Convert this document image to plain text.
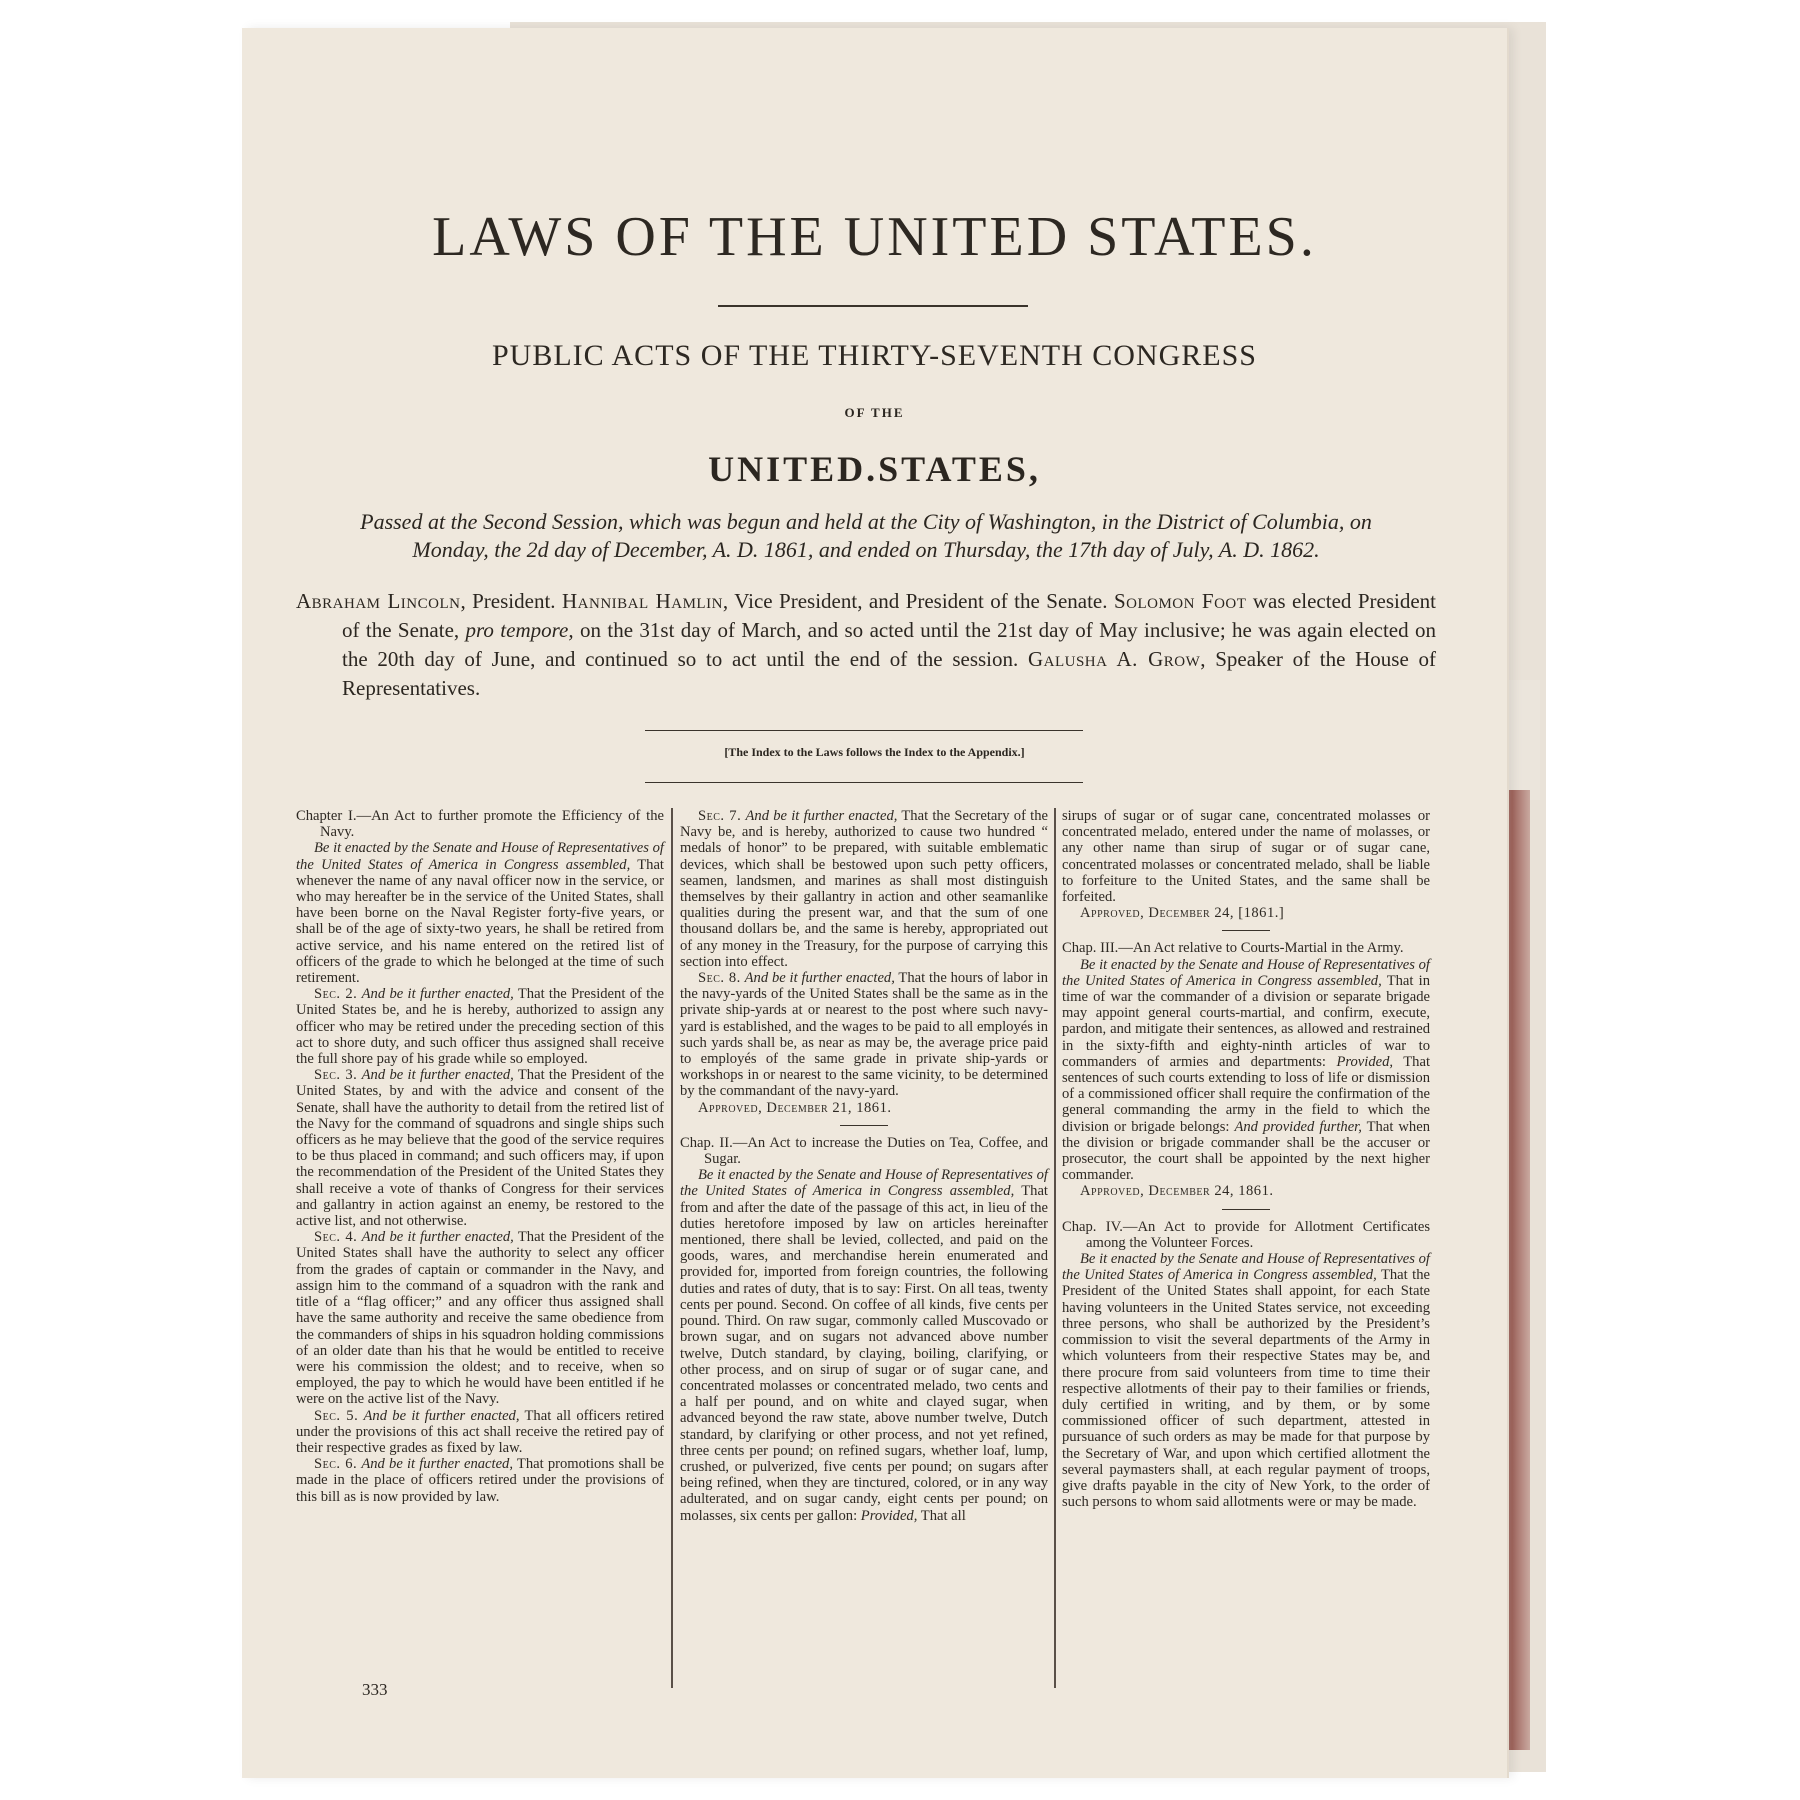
LAWS OF THE UNITED STATES.
PUBLIC ACTS OF THE THIRTY-SEVENTH CONGRESS
OF THE
UNITED.STATES,
Passed at the Second Session, which was begun and held at the City of Washington, in the District of Columbia, on
Monday, the 2d day of December, A. D. 1861, and ended on Thursday, the 17th day of July, A. D. 1862.
Abraham Lincoln, President. Hannibal Hamlin, Vice President, and President of the Senate. Solomon Foot was elected President of the Senate, pro tempore, on the 31st day of March, and so acted until the 21st day of May inclusive; he was again elected on the 20th day of June, and continued so to act until the end of the session. Galusha A. Grow, Speaker of the House of Representatives.
[The Index to the Laws follows the Index to the Appendix.]

Chapter I.—An Act to further promote the Efficiency of the Navy.

Be it enacted by the Senate and House of Representatives of the United States of America in Congress assembled, That whenever the name of any naval officer now in the service, or who may hereafter be in the service of the United States, shall have been borne on the Naval Register forty-five years, or shall be of the age of sixty-two years, he shall be retired from active service, and his name entered on the retired list of officers of the grade to which he belonged at the time of such retirement.

Sec. 2. And be it further enacted, That the President of the United States be, and he is hereby, authorized to assign any officer who may be retired under the preceding section of this act to shore duty, and such officer thus assigned shall receive the full shore pay of his grade while so employed.

Sec. 3. And be it further enacted, That the President of the United States, by and with the advice and consent of the Senate, shall have the authority to detail from the retired list of the Navy for the command of squadrons and single ships such officers as he may believe that the good of the service requires to be thus placed in command; and such officers may, if upon the recommendation of the President of the United States they shall receive a vote of thanks of Congress for their services and gallantry in action against an enemy, be restored to the active list, and not otherwise.

Sec. 4. And be it further enacted, That the President of the United States shall have the authority to select any officer from the grades of captain or commander in the Navy, and assign him to the command of a squadron with the rank and title of a “flag officer;” and any officer thus assigned shall have the same authority and receive the same obedience from the commanders of ships in his squadron holding commissions of an older date than his that he would be entitled to receive were his commission the oldest; and to receive, when so employed, the pay to which he would have been entitled if he were on the active list of the Navy.

Sec. 5. And be it further enacted, That all officers retired under the provisions of this act shall receive the retired pay of their respective grades as fixed by law.

Sec. 6. And be it further enacted, That promotions shall be made in the place of officers retired under the provisions of this bill as is now provided by law.

Sec. 7. And be it further enacted, That the Secretary of the Navy be, and is hereby, authorized to cause two hundred “ medals of honor” to be prepared, with suitable emblematic devices, which shall be bestowed upon such petty officers, seamen, landsmen, and marines as shall most distinguish themselves by their gallantry in action and other seamanlike qualities during the present war, and that the sum of one thousand dollars be, and the same is hereby, appropriated out of any money in the Treasury, for the purpose of carrying this section into effect.

Sec. 8. And be it further enacted, That the hours of labor in the navy-yards of the United States shall be the same as in the private ship-yards at or nearest to the post where such navy-yard is established, and the wages to be paid to all employés in such yards shall be, as near as may be, the average price paid to employés of the same grade in private ship-yards or workshops in or nearest to the same vicinity, to be determined by the commandant of the navy-yard.

Approved, December 21, 1861.

Chap. II.—An Act to increase the Duties on Tea, Coffee, and Sugar.

Be it enacted by the Senate and House of Representatives of the United States of America in Congress assembled, That from and after the date of the passage of this act, in lieu of the duties heretofore imposed by law on articles hereinafter mentioned, there shall be levied, collected, and paid on the goods, wares, and merchandise herein enumerated and provided for, imported from foreign countries, the following duties and rates of duty, that is to say: First. On all teas, twenty cents per pound. Second. On coffee of all kinds, five cents per pound. Third. On raw sugar, commonly called Muscovado or brown sugar, and on sugars not advanced above number twelve, Dutch standard, by claying, boiling, clarifying, or other process, and on sirup of sugar or of sugar cane, and concentrated molasses or concentrated melado, two cents and a half per pound, and on white and clayed sugar, when advanced beyond the raw state, above number twelve, Dutch standard, by clarifying or other process, and not yet refined, three cents per pound; on refined sugars, whether loaf, lump, crushed, or pulverized, five cents per pound; on sugars after being refined, when they are tinctured, colored, or in any way adulterated, and on sugar candy, eight cents per pound; on molasses, six cents per gallon: Provided, That all

sirups of sugar or of sugar cane, concentrated molasses or concentrated melado, entered under the name of molasses, or any other name than sirup of sugar or of sugar cane, concentrated molasses or concentrated melado, shall be liable to forfeiture to the United States, and the same shall be forfeited.

Approved, December 24, [1861.]

Chap. III.—An Act relative to Courts-Martial in the Army.

Be it enacted by the Senate and House of Representatives of the United States of America in Congress assembled, That in time of war the commander of a division or separate brigade may appoint general courts-martial, and confirm, execute, pardon, and mitigate their sentences, as allowed and restrained in the sixty-fifth and eighty-ninth articles of war to commanders of armies and departments: Provided, That sentences of such courts extending to loss of life or dismission of a commissioned officer shall require the confirmation of the general commanding the army in the field to which the division or brigade belongs: And provided further, That when the division or brigade commander shall be the accuser or prosecutor, the court shall be appointed by the next higher commander.

Approved, December 24, 1861.

Chap. IV.—An Act to provide for Allotment Certificates among the Volunteer Forces.

Be it enacted by the Senate and House of Representatives of the United States of America in Congress assembled, That the President of the United States shall appoint, for each State having volunteers in the United States service, not exceeding three persons, who shall be authorized by the President’s commission to visit the several departments of the Army in which volunteers from their respective States may be, and there procure from said volunteers from time to time their respective allotments of their pay to their families or friends, duly certified in writing, and by them, or by some commissioned officer of such department, attested in pursuance of such orders as may be made for that purpose by the Secretary of War, and upon which certified allotment the several paymasters shall, at each regular payment of troops, give drafts payable in the city of New York, to the order of such persons to whom said allotments were or may be made.

333
